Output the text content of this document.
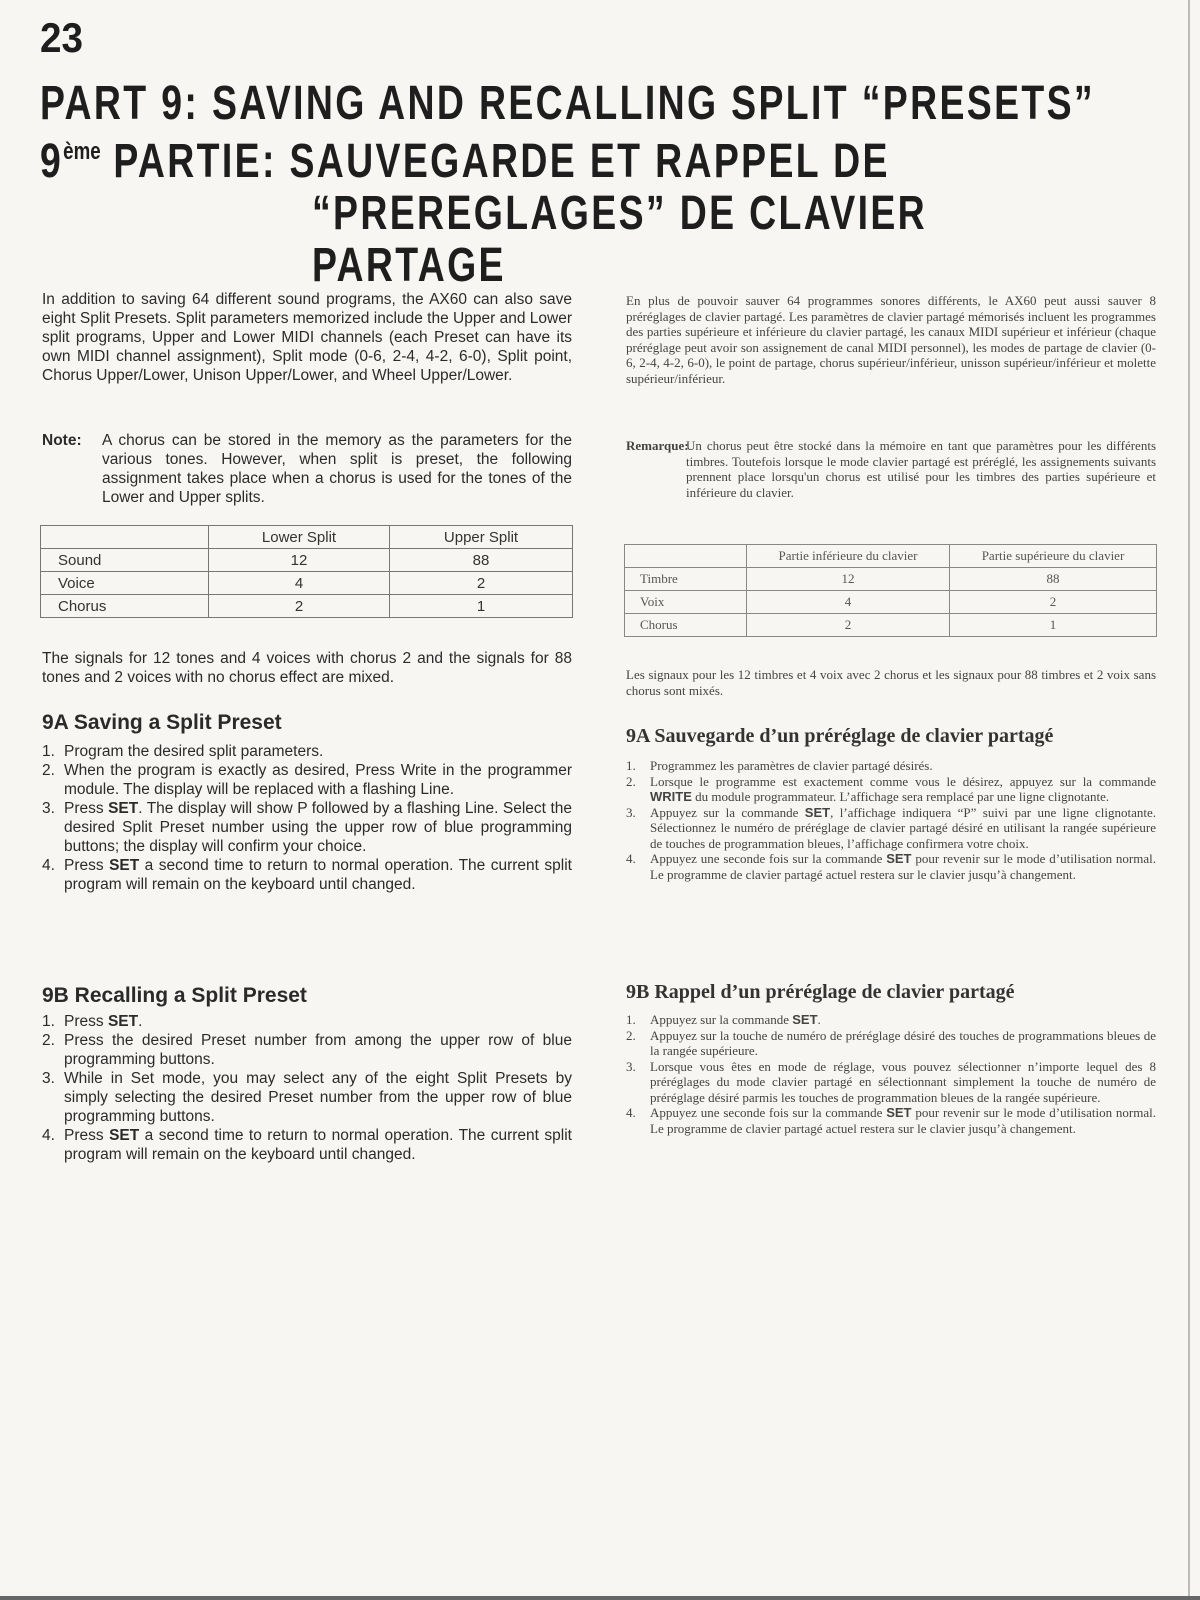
23
PART 9: SAVING AND RECALLING SPLIT “PRESETS”
9ème PARTIE: SAUVEGARDE ET RAPPEL DE
“PREREGLAGES” DE CLAVIER
PARTAGE
In addition to saving 64 different sound programs, the AX60 can also save eight Split Presets. Split parameters memorized include the Upper and Lower split programs, Upper and Lower MIDI channels (each Preset can have its own MIDI channel assignment), Split mode (0-6, 2-4, 4-2, 6-0), Split point, Chorus Upper/Lower, Unison Upper/Lower, and Wheel Upper/Lower.
Note:	A chorus can be stored in the memory as the parameters for the various tones. However, when split is preset, the following assignment takes place when a chorus is used for the tones of the Lower and Upper splits.
	Lower Split	Upper Split
Sound	12	88
Voice	4	2
Chorus	2	1
The signals for 12 tones and 4 voices with chorus 2 and the signals for 88 tones and 2 voices with no chorus effect are mixed.
9A Saving a Split Preset
1. Program the desired split parameters.
2. When the program is exactly as desired, Press Write in the programmer module. The display will be replaced with a flashing Line.
3. Press SET. The display will show P followed by a flashing Line. Select the desired Split Preset number using the upper row of blue programming buttons; the display will confirm your choice.
4. Press SET a second time to return to normal operation. The current split program will remain on the keyboard until changed.
9B Recalling a Split Preset
1. Press SET.
2. Press the desired Preset number from among the upper row of blue programming buttons.
3. While in Set mode, you may select any of the eight Split Presets by simply selecting the desired Preset number from the upper row of blue programming buttons.
4. Press SET a second time to return to normal operation. The current split program will remain on the keyboard until changed.
En plus de pouvoir sauver 64 programmes sonores différents, le AX60 peut aussi sauver 8 préréglages de clavier partagé. Les paramètres de clavier partagé mémorisés incluent les programmes des parties supérieure et inférieure du clavier partagé, les canaux MIDI supérieur et inférieur (chaque préréglage peut avoir son assignement de canal MIDI personnel), les modes de partage de clavier (0-6, 2-4, 4-2, 6-0), le point de partage, chorus supérieur/inférieur, unisson supérieur/inférieur et molette supérieur/inférieur.
Remarque:
Un chorus peut être stocké dans la mémoire en tant que paramètres pour les différents timbres. Toutefois lorsque le mode clavier partagé est préréglé, les assignements suivants prennent place lorsqu'un chorus est utilisé pour les timbres des parties supérieure et inférieure du clavier.
	Partie inférieure du clavier	Partie supérieure du clavier
Timbre	12	88
Voix	4	2
Chorus	2	1
Les signaux pour les 12 timbres et 4 voix avec 2 chorus et les signaux pour 88 timbres et 2 voix sans chorus sont mixés.
9A Sauvegarde d’un préréglage de clavier partagé
1.	Programmez les paramètres de clavier partagé désirés.
2.	Lorsque le programme est exactement comme vous le désirez, appuyez sur la commande WRITE du module programmateur. L’affichage sera remplacé par une ligne clignotante.
3.	Appuyez sur la commande SET, l’affichage indiquera “P” suivi par une ligne clignotante. Sélectionnez le numéro de préréglage de clavier partagé désiré en utilisant la rangée supérieure de touches de programmation bleues, l’affichage confirmera votre choix.
4.	Appuyez une seconde fois sur la commande SET pour revenir sur le mode d’utilisation normal. Le programme de clavier partagé actuel restera sur le clavier jusqu’à changement.
9B Rappel d’un préréglage de clavier partagé
1.	Appuyez sur la commande SET.
2.	Appuyez sur la touche de numéro de préréglage désiré des touches de programmations bleues de la rangée supérieure.
3.	Lorsque vous êtes en mode de réglage, vous pouvez sélectionner n’importe lequel des 8 préréglages du mode clavier partagé en sélectionnant simplement la touche de numéro de préréglage désiré parmis les touches de programmation bleues de la rangée supérieure.
4.	Appuyez une seconde fois sur la commande SET pour revenir sur le mode d’utilisation normal. Le programme de clavier partagé actuel restera sur le clavier jusqu’à changement.
